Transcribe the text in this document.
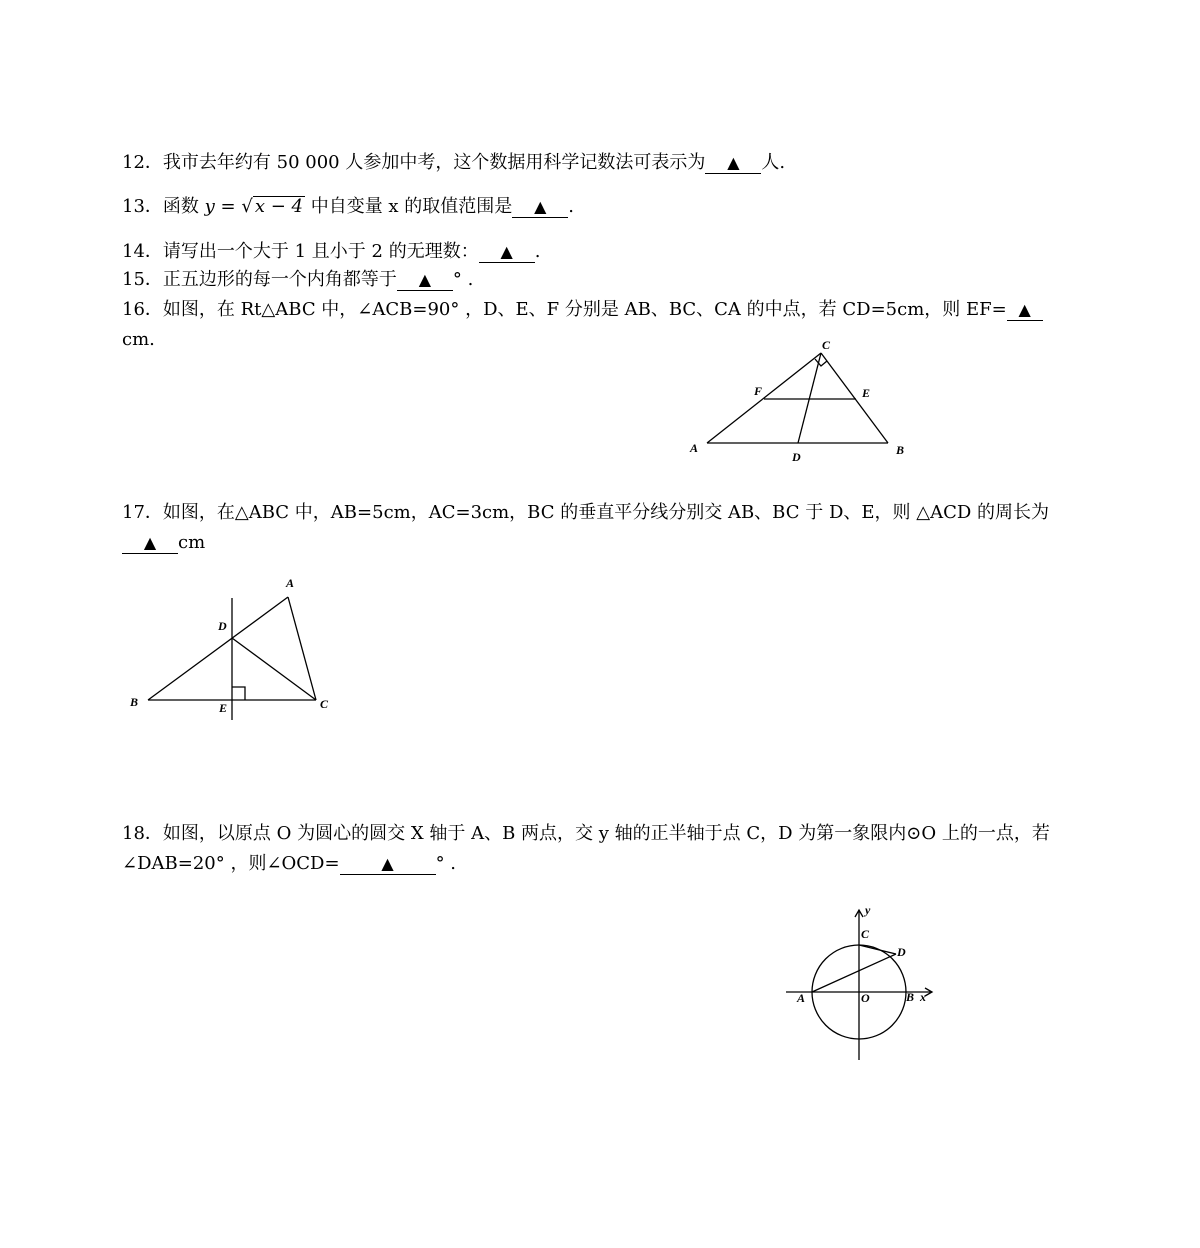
12．我市去年约有 50 000 人参加中考，这个数据用科学记数法可表示为 ▲ 人.
13．函数 y = √ x − 4 中自变量 x 的取值范围是 ▲ .
14．请写出一个大于 1 且小于 2 的无理数： ▲ .
15．正五边形的每一个内角都等于 ▲ ° .
16．如图，在 Rt△ABC 中，∠ACB=90° ，D、E、F 分别是 AB、BC、CA 的中点，若 CD=5cm，则 EF= ▲
cm.	C
F	E
A
D	B
17．如图，在△ABC 中，AB=5cm，AC=3cm，BC 的垂直平分线分别交 AB、BC 于 D、E，则 △ACD 的周长为▲ cm
A
D
B	E	C
18．如图，以原点 O 为圆心的圆交 X 轴于 A、B 两点，交 y 轴的正半轴于点 C，D 为第一象限内⊙O 上的一点，若∠DAB=20° ，则∠OCD=	▲ ° .
y
C
D
A	O	B x
